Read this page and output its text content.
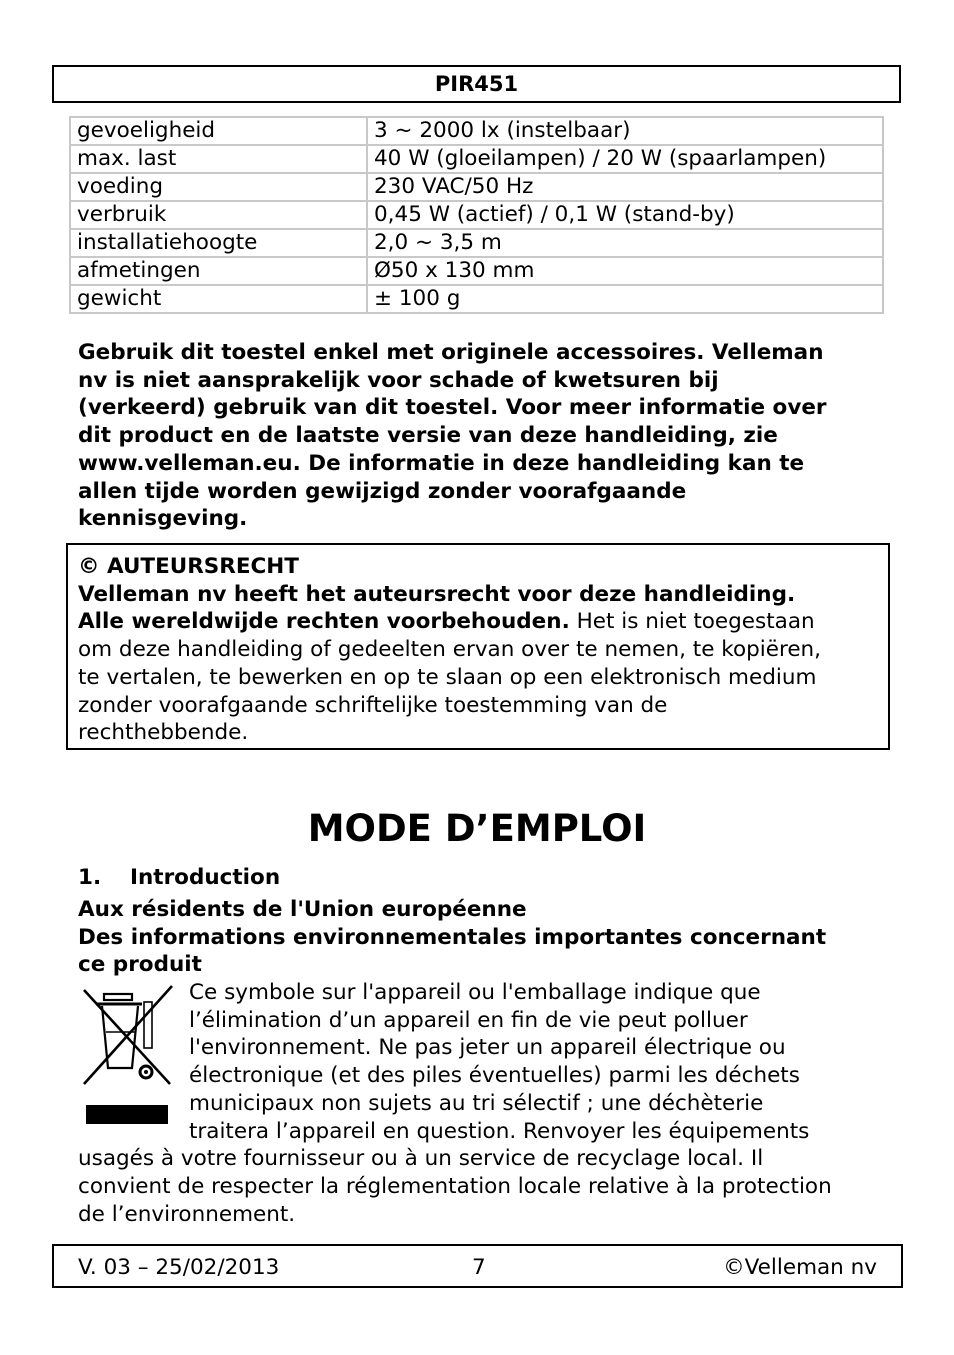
PIR451
gevoeligheid	3 ~ 2000 lx (instelbaar)
max. last	40 W (gloeilampen) / 20 W (spaarlampen)
voeding	230 VAC/50 Hz
verbruik	0,45 W (actief) / 0,1 W (stand-by)
installatiehoogte	2,0 ~ 3,5 m
afmetingen	Ø50 x 130 mm
gewicht	± 100 g
Gebruik dit toestel enkel met originele accessoires. Velleman
nv is niet aansprakelijk voor schade of kwetsuren bij
(verkeerd) gebruik van dit toestel. Voor meer informatie over
dit product en de laatste versie van deze handleiding, zie
www.velleman.eu. De informatie in deze handleiding kan te
allen tijde worden gewijzigd zonder voorafgaande
kennisgeving.
© AUTEURSRECHT
Velleman nv heeft het auteursrecht voor deze handleiding.
Alle wereldwijde rechten voorbehouden. Het is niet toegestaan
om deze handleiding of gedeelten ervan over te nemen, te kopiëren,
te vertalen, te bewerken en op te slaan op een elektronisch medium
zonder voorafgaande schriftelijke toestemming van de
rechthebbende.
MODE D’EMPLOI
1.	Introduction
Aux résidents de l'Union européenne
Des informations environnementales importantes concernant
ce produit
Ce symbole sur l'appareil ou l'emballage indique que
l’élimination d’un appareil en fin de vie peut polluer
l'environnement. Ne pas jeter un appareil électrique ou
électronique (et des piles éventuelles) parmi les déchets
municipaux non sujets au tri sélectif ; une déchèterie
traitera l’appareil en question. Renvoyer les équipements
usagés à votre fournisseur ou à un service de recyclage local. Il
convient de respecter la réglementation locale relative à la protection
de l’environnement.
V. 03 – 25/02/2013	7	©Velleman nv
